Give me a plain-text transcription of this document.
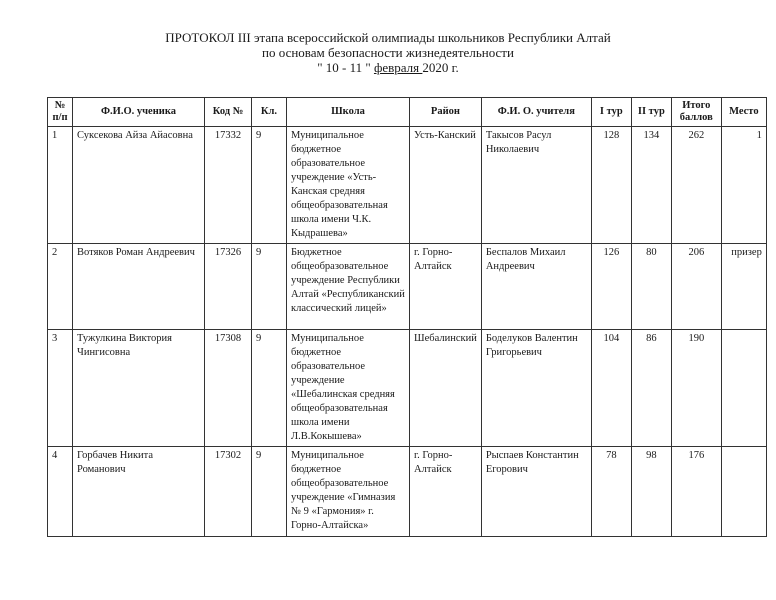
ПРОТОКОЛ III этапа всероссийской олимпиады школьников Республики Алтай
по основам безопасности жизнедеятельности
" 10 - 11 " февраля 2020 г.
№ п/п	Ф.И.О. ученика	Код №	Кл.	Школа	Район	Ф.И. О. учителя	I тур	II тур	Итого баллов	Место
1	Суксекова Айза Айасовна	17332	9	Муниципальное бюджетное образовательное учреждение «Усть-Канская средняя общеобразовательная школа имени Ч.К. Кыдрашева»	Усть-Канский	Такысов Расул Николаевич	128	134	262	1
2	Вотяков Роман Андреевич	17326	9	Бюджетное общеобразовательное учреждение Республики Алтай «Республиканский классический лицей»	г. Горно-Алтайск	Беспалов Михаил Андреевич	126	80	206	призер
3	Тужулкина Виктория Чингисовна	17308	9	Муниципальное бюджетное образовательное учреждение «Шебалинская средняя общеобразовательная школа имени Л.В.Кокышева»	Шебалинский	Боделуков Валентин Григорьевич	104	86	190	
4	Горбачев Никита Романович	17302	9	Муниципальное бюджетное общеобразовательное учреждение «Гимназия № 9 «Гармония» г. Горно-Алтайска»	г. Горно-Алтайск	Рыспаев Константин Егорович	78	98	176	
